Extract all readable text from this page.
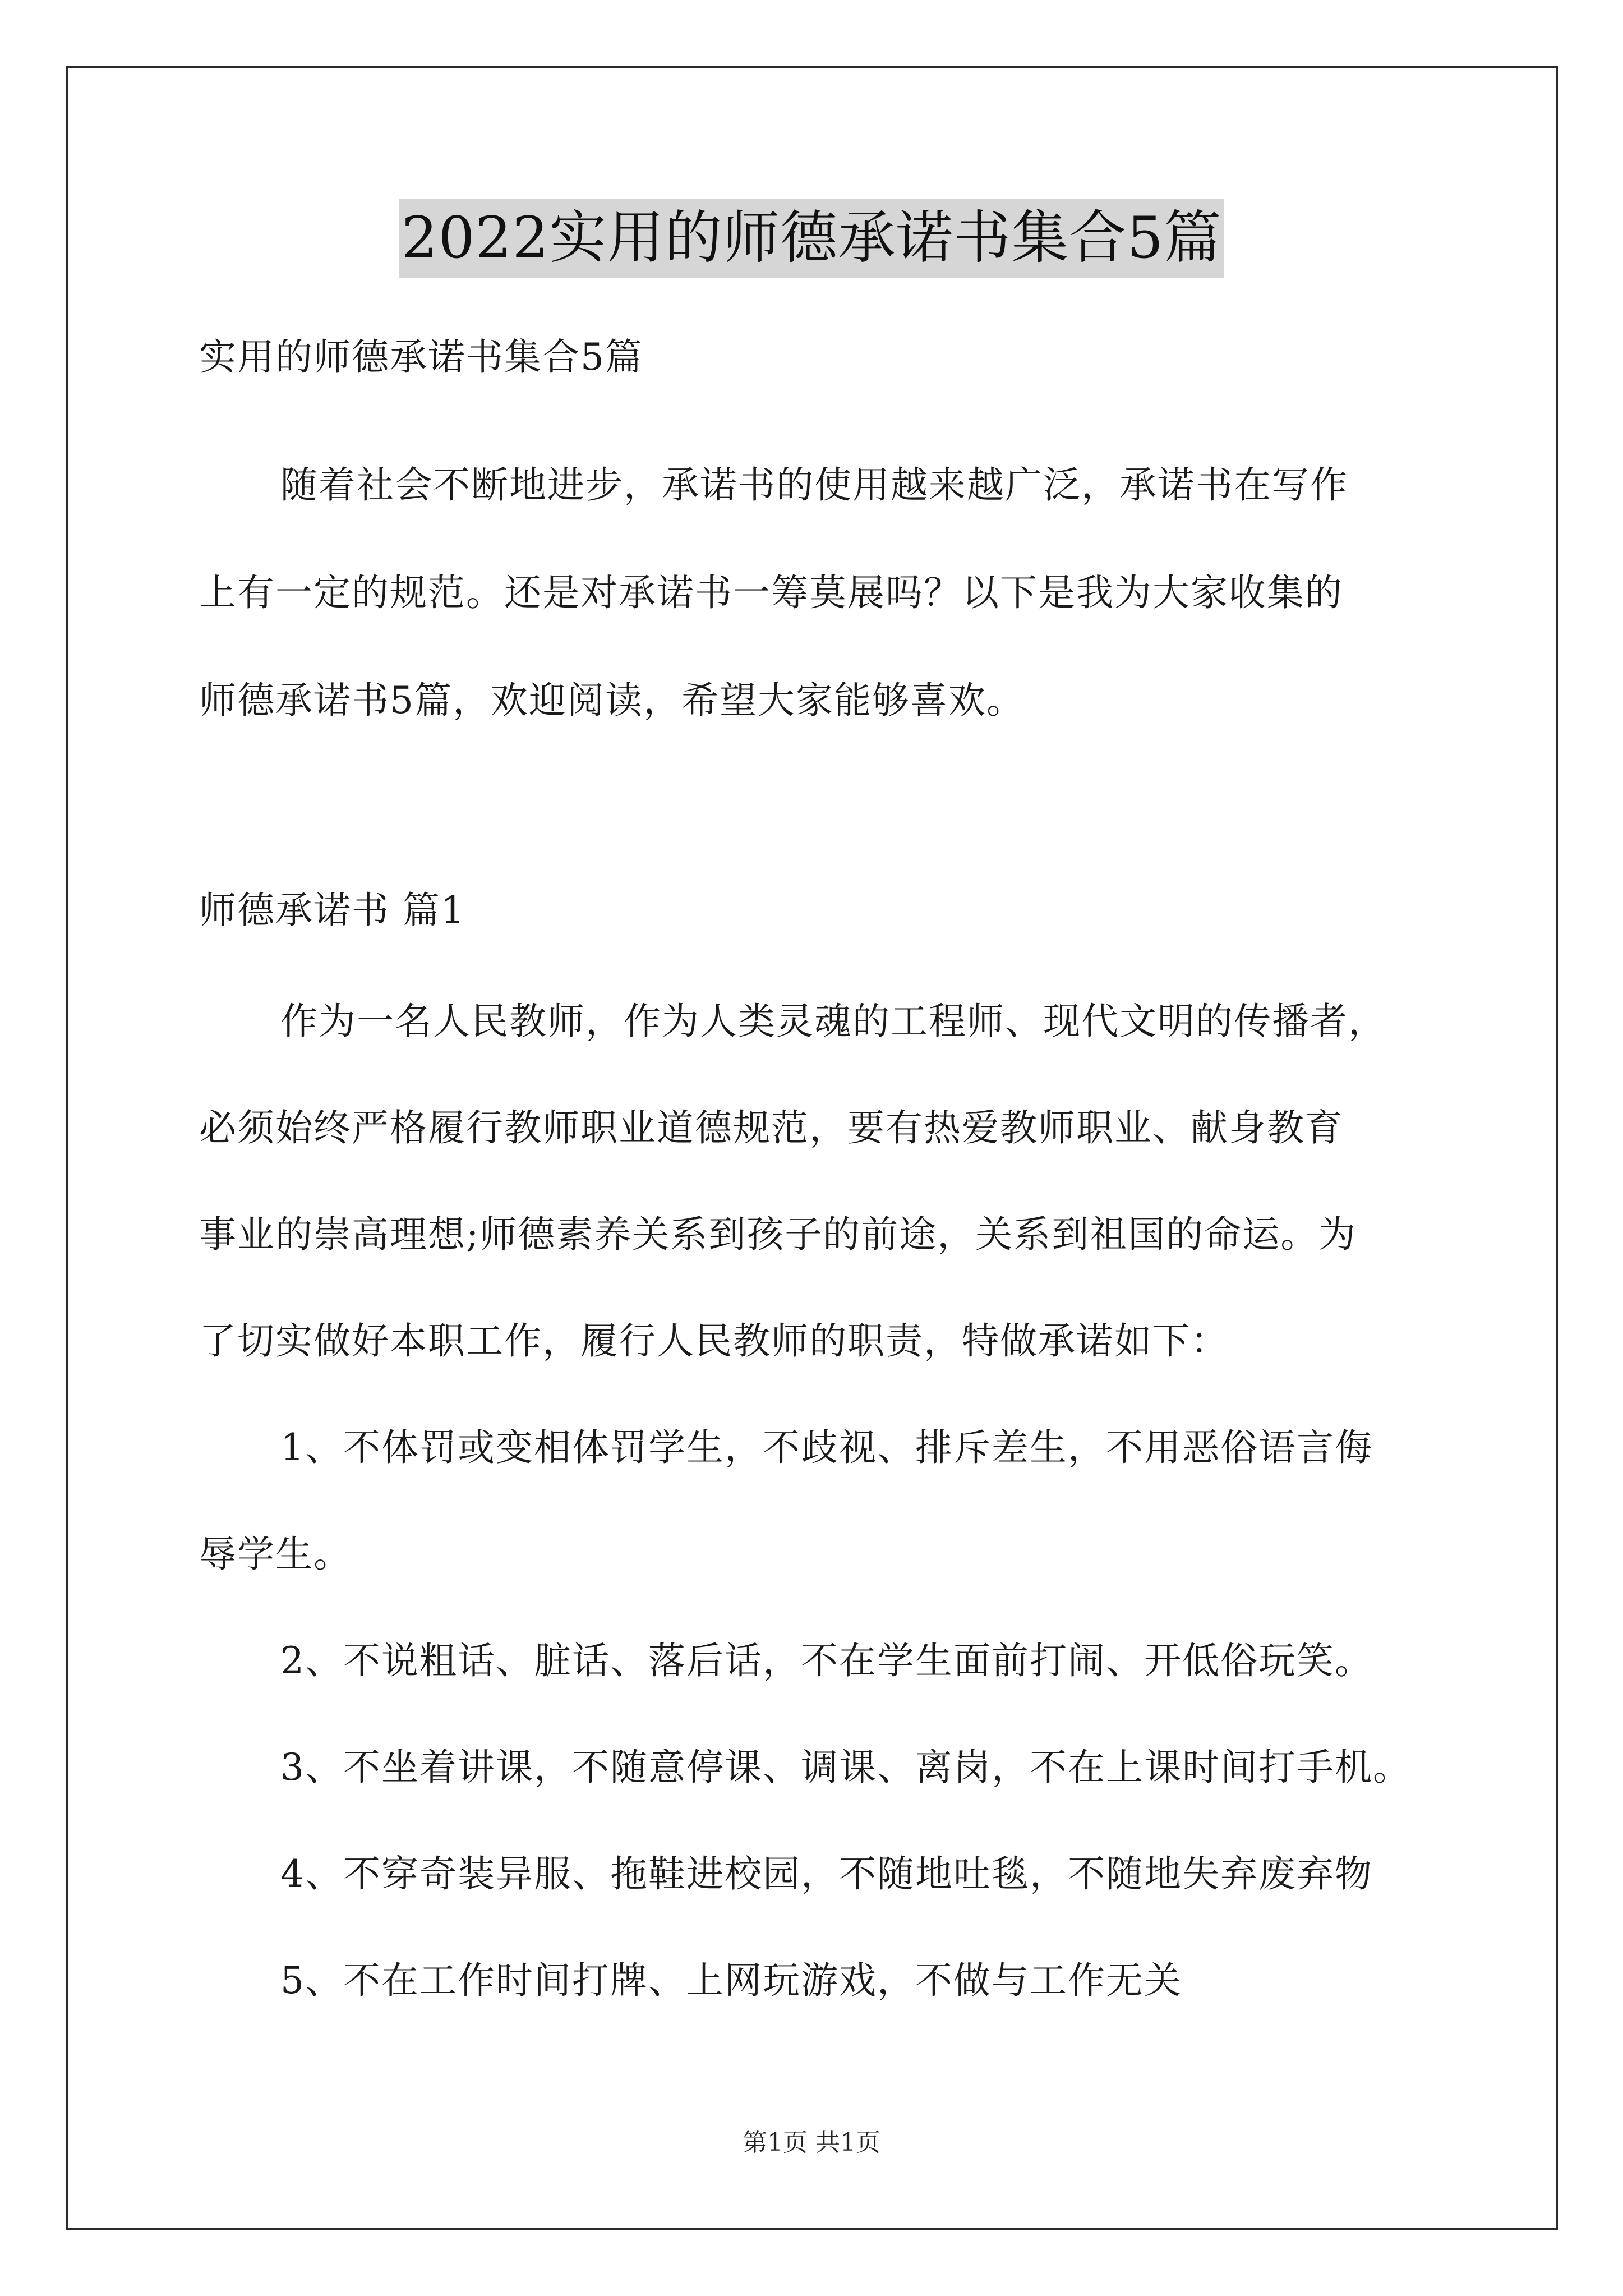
2022实用的师德承诺书集合5篇
实用的师德承诺书集合5篇
随着社会不断地进步，承诺书的使用越来越广泛，承诺书在写作
上有一定的规范。还是对承诺书一筹莫展吗？以下是我为大家收集的
师德承诺书5篇，欢迎阅读，希望大家能够喜欢。
师德承诺书 篇1
作为一名人民教师，作为人类灵魂的工程师、现代文明的传播者，
必须始终严格履行教师职业道德规范，要有热爱教师职业、献身教育
事业的崇高理想;师德素养关系到孩子的前途，关系到祖国的命运。为
了切实做好本职工作，履行人民教师的职责，特做承诺如下：
1、不体罚或变相体罚学生，不歧视、排斥差生，不用恶俗语言侮
辱学生。
2、不说粗话、脏话、落后话，不在学生面前打闹、开低俗玩笑。
3、不坐着讲课，不随意停课、调课、离岗，不在上课时间打手机。
4、不穿奇装异服、拖鞋进校园，不随地吐毯，不随地失弃废弃物
5、不在工作时间打牌、上网玩游戏，不做与工作无关
第1页 共1页
